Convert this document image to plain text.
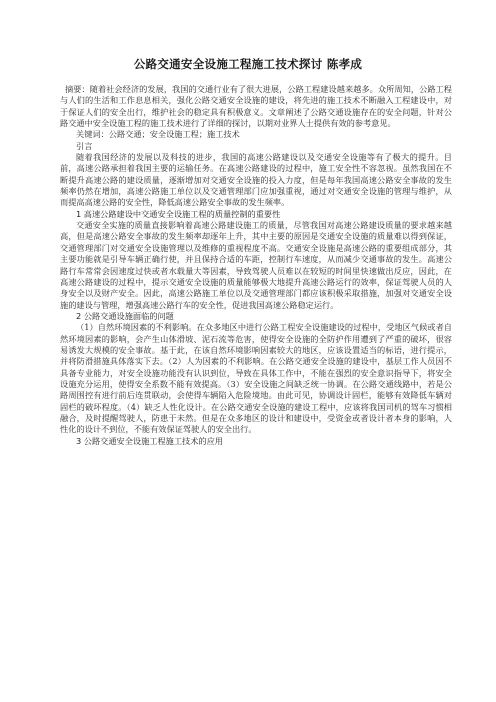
公路交通安全设施工程施工技术探讨 陈孝成

摘要：随着社会经济的发展，我国的交通行业有了很大进展，公路工程建设越来越多。众所周知，公路工程与人们的生活和工作息息相关，强化公路交通安全设施的建设，将先进的施工技术不断融入工程建设中，对于保证人们的安全出行，维护社会的稳定具有积极意义。文章阐述了公路交通设施存在的安全问题，针对公路交通中安全设施工程的施工技术进行了详细的探讨，以期对业界人士提供有效的参考意见。

关键词：公路交通；安全设施工程；施工技术

引言

随着我国经济的发展以及科技的进步，我国的高速公路建设以及交通安全设施等有了极大的提升。目前，高速公路承担着我国主要的运输任务。在高速公路建设的过程中，施工安全性不容忽视。虽然我国在不断提升高速公路的建设质量，逐渐增加对交通安全设施的投入力度，但是每年我国高速公路安全事故的发生频率仍然在增加，高速公路施工单位以及交通管理部门应加强重视，通过对交通安全设施的管理与维护，从而提高高速公路的安全性，降低高速公路安全事故的发生频率。

1 高速公路建设中交通安全设施工程的质量控制的重要性

交通安全实施的质量直接影响着高速公路建设施工的质量，尽管我国对高速公路建设质量的要求越来越高，但是高速公路安全事故的发生频率却逐年上升，其中主要的原因是交通安全设施的质量难以得到保证，交通管理部门对交通安全设施管理以及维修的重视程度不高。交通安全设施是高速公路的重要组成部分，其主要功能就是引导车辆正确行使，并且保持合适的车距，控制行车速度，从而减少交通事故的发生。高速公路行车常常会因速度过快或者水载量大等因素，导致驾驶人员难以在较短的时间里快速做出反应，因此，在高速公路建设的过程中，提示交通安全设施的质量能够极大地提升高速公路运行的效率，保证驾驶人员的人身安全以及财产安全。因此，高速公路施工单位以及交通管理部门都应该积极采取措施，加强对交通安全设施的建设与管理，增强高速公路行车的安全性，促进我国高速公路稳定运行。

2 公路交通设施面临的问题

（1）自然环境因素的不利影响。在众多地区中进行公路工程安全设施建设的过程中，受地区气候或者自然环境因素的影响，会产生山体滑坡、泥石流等危害，使得安全设施的全防护作用遭到了严重的破坏，很容易诱发大规模的安全事故。基于此，在该自然环境影响因素较大的地区，应该设置适当的标语，进行提示，并将防滑措施具体落实下去。（2）人为因素的不利影响。在公路交通安全设施的建设中，基层工作人员因不具备专业能力，对安全设施功能没有认识到位，导致在具体工作中，不能在强烈的安全意识指导下，将安全设施充分运用，使得安全系数不能有效提高。（3）安全设施之间缺乏统一协调。在公路交通线路中，若是公路周围控有进行前后连贯联动，会使得车辆陷入危险境地。由此可见，协调设计固栏，能够有效降低车辆对固栏的破坏程度。（4）缺乏人性化设计。在公路交通安全设施的建设工程中，应该将我国司机的驾车习惯相融合，及时提醒驾驶人，防患于未然。但是在众多地区的设计和建设中，受资金或者设计者本身的影响，人性化的设计不到位，不能有效保证驾驶人的安全出行。

3 公路交通安全设施工程施工技术的应用
